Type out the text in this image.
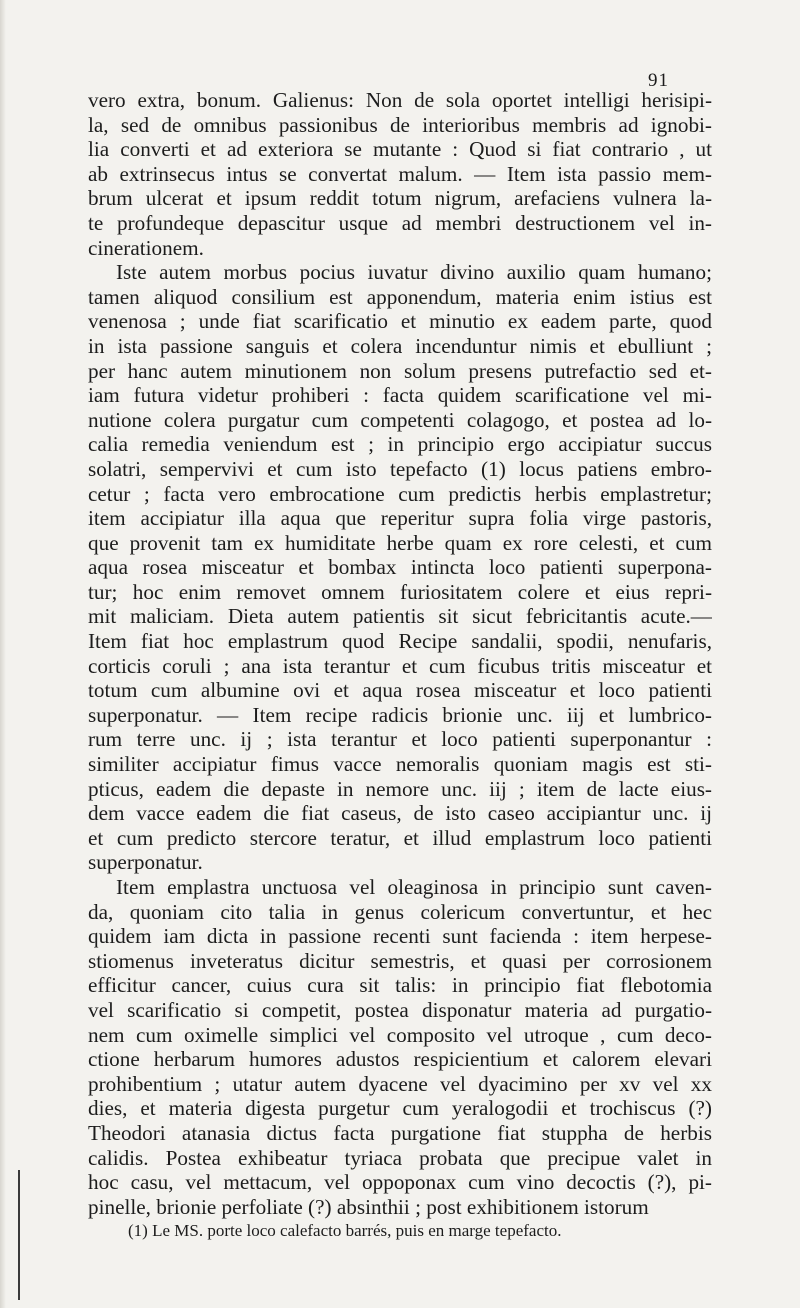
91
vero extra, bonum. Galienus: Non de sola oportet intelligi herisipi-
la, sed de omnibus passionibus de interioribus membris ad ignobi-
lia converti et ad exteriora se mutante : Quod si fiat contrario , ut
ab extrinsecus intus se convertat malum. — Item ista passio mem-
brum ulcerat et ipsum reddit totum nigrum, arefaciens vulnera la-
te profundeque depascitur usque ad membri destructionem vel in-
cinerationem.
Iste autem morbus pocius iuvatur divino auxilio quam humano;
tamen aliquod consilium est apponendum, materia enim istius est
venenosa ; unde fiat scarificatio et minutio ex eadem parte, quod
in ista passione sanguis et colera incenduntur nimis et ebulliunt ;
per hanc autem minutionem non solum presens putrefactio sed et-
iam futura videtur prohiberi : facta quidem scarificatione vel mi-
nutione colera purgatur cum competenti colagogo, et postea ad lo-
calia remedia veniendum est ; in principio ergo accipiatur succus
solatri, sempervivi et cum isto tepefacto (1) locus patiens embro-
cetur ; facta vero embrocatione cum predictis herbis emplastretur;
item accipiatur illa aqua que reperitur supra folia virge pastoris,
que provenit tam ex humiditate herbe quam ex rore celesti, et cum
aqua rosea misceatur et bombax intincta loco patienti superpona-
tur; hoc enim removet omnem furiositatem colere et eius repri-
mit maliciam. Dieta autem patientis sit sicut febricitantis acute.—
Item fiat hoc emplastrum quod Recipe sandalii, spodii, nenufaris,
corticis coruli ; ana ista terantur et cum ficubus tritis misceatur et
totum cum albumine ovi et aqua rosea misceatur et loco patienti
superponatur. — Item recipe radicis brionie unc. iij et lumbrico-
rum terre unc. ij ; ista terantur et loco patienti superponantur :
similiter accipiatur fimus vacce nemoralis quoniam magis est sti-
pticus, eadem die depaste in nemore unc. iij ; item de lacte eius-
dem vacce eadem die fiat caseus, de isto caseo accipiantur unc. ij
et cum predicto stercore teratur, et illud emplastrum loco patienti
superponatur.
Item emplastra unctuosa vel oleaginosa in principio sunt caven-
da, quoniam cito talia in genus colericum convertuntur, et hec
quidem iam dicta in passione recenti sunt facienda : item herpese-
stiomenus inveteratus dicitur semestris, et quasi per corrosionem
efficitur cancer, cuius cura sit talis: in principio fiat flebotomia
vel scarificatio si competit, postea disponatur materia ad purgatio-
nem cum oximelle simplici vel composito vel utroque , cum deco-
ctione herbarum humores adustos respicientium et calorem elevari
prohibentium ; utatur autem dyacene vel dyacimino per xv vel xx
dies, et materia digesta purgetur cum yeralogodii et trochiscus (?)
Theodori atanasia dictus facta purgatione fiat stuppha de herbis
calidis. Postea exhibeatur tyriaca probata que precipue valet in
hoc casu, vel mettacum, vel oppoponax cum vino decoctis (?), pi-
pinelle, brionie perfoliate (?) absinthii ; post exhibitionem istorum
(1) Le MS. porte loco calefacto barrés, puis en marge tepefacto.
